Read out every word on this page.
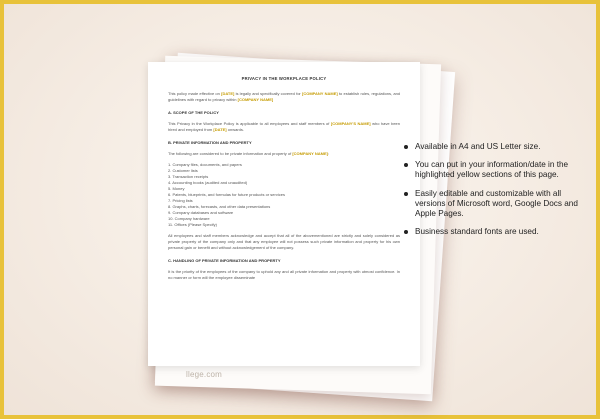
PRIVACY IN THE WORKPLACE POLICY

This policy made effective on [DATE] is legally and specifically covered for [COMPANY NAME] to establish rules, regulations, and guidelines with regard to privacy within [COMPANY NAME]

A. SCOPE OF THE POLICY

This Privacy in the Workplace Policy is applicable to all employees and staff members of [COMPANY'S NAME] who have been hired and employed from [DATE] onwards.

B. PRIVATE INFORMATION AND PROPERTY

The following are considered to be private information and property of [COMPANY NAME]:

1. Company files, documents, and papers
2. Customer lists
3. Transaction receipts
4. Accounting books (audited and unaudited)
5. Money
6. Patents, blueprints, and formulas for future products or services
7. Pricing lists
8. Graphs, charts, forecasts, and other data presentations
9. Company databases and software
10. Company hardware
11. Offices (Please Specify)

All employees and staff members acknowledge and accept that all of the abovementioned are strictly and solely considered as private property of the company only and that any employee will not possess such private information and property for his own personal gain or benefit and without acknowledgement of the company.

C. HANDLING OF PRIVATE INFORMATION AND PROPERTY

It is the priority of the employees of the company to uphold any and all private information and property with utmost confidence. In no manner or form will the employee disseminate

llege.com
Available in A4 and US Letter size.
You can put in your information/date in the highlighted yellow sections of this page.
Easily editable and customizable with all versions of Microsoft word, Google Docs and Apple Pages.
Business standard fonts are used.
